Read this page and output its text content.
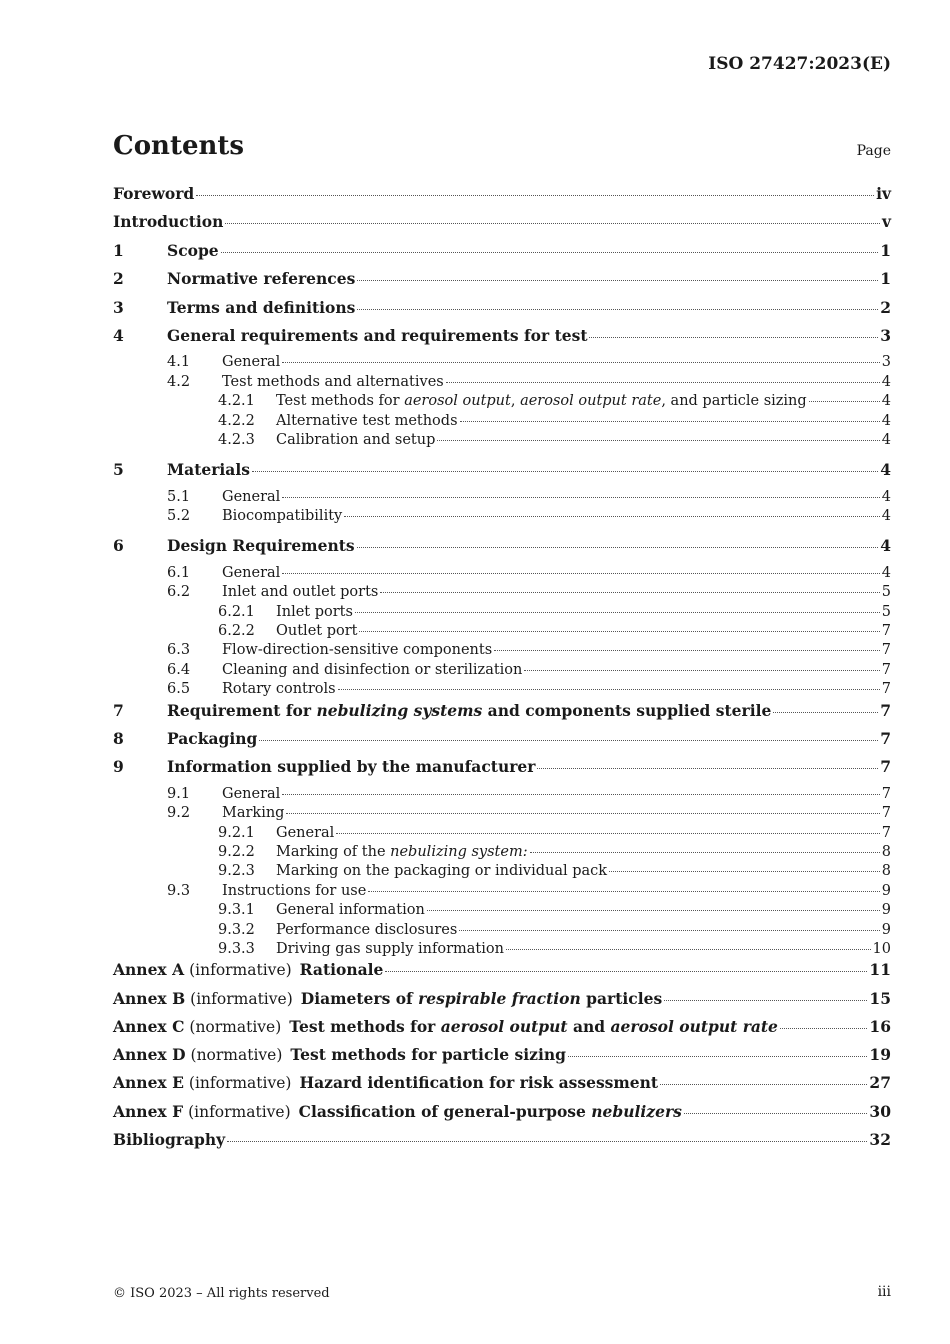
ISO 27427:2023(E)
Contents	Page
Foreword	iv
Introduction	v
1	Scope	1
2	Normative references	1
3	Terms and definitions	2
4	General requirements and requirements for test	3
4.1	General	3
4.2	Test methods and alternatives	4
4.2.1	Test methods for aerosol output, aerosol output rate, and particle sizing	4
4.2.2	Alternative test methods	4
4.2.3	Calibration and setup	4
5	Materials	4
5.1	General	4
5.2	Biocompatibility	4
6	Design Requirements	4
6.1	General	4
6.2	Inlet and outlet ports	5
6.2.1	Inlet ports	5
6.2.2	Outlet port	7
6.3	Flow-direction-sensitive components	7
6.4	Cleaning and disinfection or sterilization	7
6.5	Rotary controls	7
7	Requirement for nebulizing systems and components supplied sterile	7
8	Packaging	7
9	Information supplied by the manufacturer	7
9.1	General	7
9.2	Marking	7
9.2.1	General	7
9.2.2	Marking of the nebulizing system:	8
9.2.3	Marking on the packaging or individual pack	8
9.3	Instructions for use	9
9.3.1	General information	9
9.3.2	Performance disclosures	9
9.3.3	Driving gas supply information	10
Annex A (informative) Rationale	11
Annex B (informative) Diameters of respirable fraction particles	15
Annex C (normative) Test methods for aerosol output and aerosol output rate	16
Annex D (normative) Test methods for particle sizing	19
Annex E (informative) Hazard identification for risk assessment	27
Annex F (informative) Classification of general-purpose nebulizers	30
Bibliography	32
© ISO 2023 – All rights reserved	iii
